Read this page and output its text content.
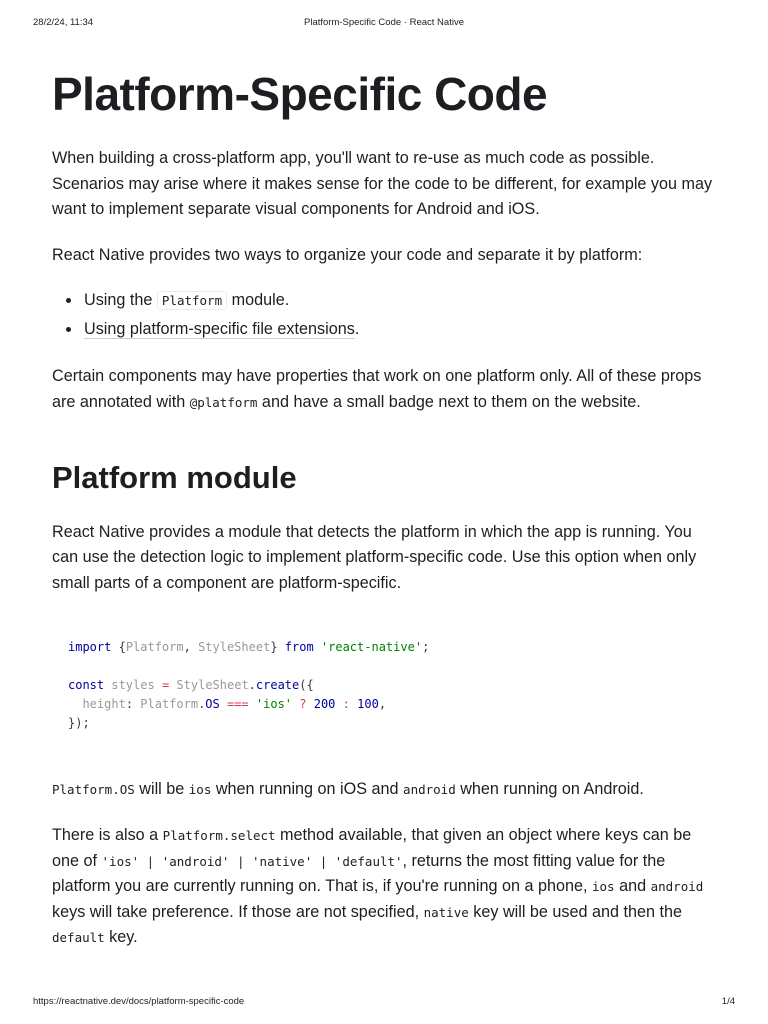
28/2/24, 11:34	Platform-Specific Code · React Native
Platform-Specific Code

When building a cross-platform app, you'll want to re-use as much code as possible. Scenarios may arise where it makes sense for the code to be different, for example you may want to implement separate visual components for Android and iOS.

React Native provides two ways to organize your code and separate it by platform:

Using the Platform module.
Using platform-specific file extensions.

Certain components may have properties that work on one platform only. All of these props are annotated with @platform and have a small badge next to them on the website.

Platform module

React Native provides a module that detects the platform in which the app is running. You can use the detection logic to implement platform-specific code. Use this option when only small parts of a component are platform-specific.

import {Platform, StyleSheet} from 'react-native';

const styles = StyleSheet.create({
height: Platform.OS === 'ios' ? 200 : 100,
});

Platform.OS will be ios when running on iOS and android when running on Android.

There is also a Platform.select method available, that given an object where keys can be one of 'ios' | 'android' | 'native' | 'default', returns the most fitting value for the platform you are currently running on. That is, if you're running on a phone, ios and android keys will take preference. If those are not specified, native key will be used and then the default key.

https://reactnative.dev/docs/platform-specific-code	1/4
